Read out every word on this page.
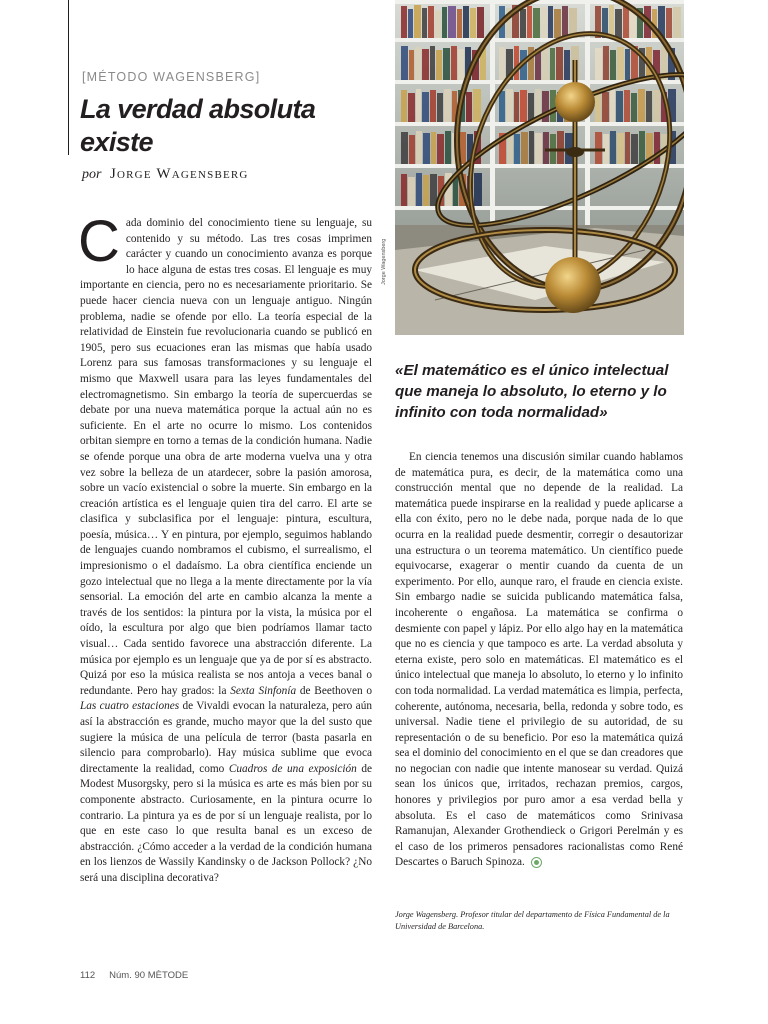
[MÉTODO WAGENSBERG]
La verdad absoluta existe
por Jorge Wagensberg

Cada dominio del conocimiento tiene su lenguaje, su contenido y su método. Las tres cosas imprimen carácter y cuando un conocimiento avanza es porque lo hace alguna de estas tres cosas. El lenguaje es muy importante en ciencia, pero no es necesariamente prioritario. Se puede hacer ciencia nueva con un lenguaje antiguo. Ningún problema, nadie se ofende por ello. La teoría especial de la relatividad de Einstein fue revolucionaria cuando se publicó en 1905, pero sus ecuaciones eran las mismas que había usado Lorenz para sus famosas transformaciones y su lenguaje el mismo que Maxwell usara para las leyes fundamentales del electromagnetismo. Sin embargo la teoría de supercuerdas se debate por una nueva matemática porque la actual aún no es suficiente. En el arte no ocurre lo mismo. Los contenidos orbitan siempre en torno a temas de la condición humana. Nadie se ofende porque una obra de arte moderna vuelva una y otra vez sobre la belleza de un atardecer, sobre la pasión amorosa, sobre un vacío existencial o sobre la muerte. Sin embargo en la creación artística es el lenguaje quien tira del carro. El arte se clasifica y subclasifica por el lenguaje: pintura, escultura, poesía, música… Y en pintura, por ejemplo, seguimos hablando de lenguajes cuando nombramos el cubismo, el surrealismo, el impresionismo o el dadaísmo. La obra científica enciende un gozo intelectual que no llega a la mente directamente por la vía sensorial. La emoción del arte en cambio alcanza la mente a través de los sentidos: la pintura por la vista, la música por el oído, la escultura por algo que bien podríamos llamar tacto visual… Cada sentido favorece una abstracción diferente. La música por ejemplo es un lenguaje que ya de por sí es abstracto. Quizá por eso la música realista se nos antoja a veces banal o redundante. Pero hay grados: la Sexta Sinfonía de Beethoven o Las cuatro estaciones de Vivaldi evocan la naturaleza, pero aún así la abstracción es grande, mucho mayor que la del susto que sugiere la música de una película de terror (basta pasarla en silencio para comprobarlo). Hay música sublime que evoca directamente la realidad, como Cuadros de una exposición de Modest Musorgsky, pero si la música es arte es más bien por su componente abstracto. Curiosamente, en la pintura ocurre lo contrario. La pintura ya es de por sí un lenguaje realista, por lo que en este caso lo que resulta banal es un exceso de abstracción. ¿Cómo acceder a la verdad de la condición humana en los lienzos de Wassily Kandinsky o de Jackson Pollock? ¿No será una disciplina decorativa?

Jorge Wagensberg

«El matemático es el único intelectual que maneja lo absoluto, lo eterno y lo infinito con toda normalidad»

En ciencia tenemos una discusión similar cuando hablamos de matemática pura, es decir, de la matemática como una construcción mental que no depende de la realidad. La matemática puede inspirarse en la realidad y puede aplicarse a ella con éxito, pero no le debe nada, porque nada de lo que ocurra en la realidad puede desmentir, corregir o desautorizar una estructura o un teorema matemático. Un científico puede equivocarse, exagerar o mentir cuando da cuenta de un experimento. Por ello, aunque raro, el fraude en ciencia existe. Sin embargo nadie se suicida publicando matemática falsa, incoherente o engañosa. La matemática se confirma o desmiente con papel y lápiz. Por ello algo hay en la matemática que no es ciencia y que tampoco es arte. La verdad absoluta y eterna existe, pero solo en matemáticas. El matemático es el único intelectual que maneja lo absoluto, lo eterno y lo infinito con toda normalidad. La verdad matemática es limpia, perfecta, coherente, autónoma, necesaria, bella, redonda y sobre todo, es universal. Nadie tiene el privilegio de su autoridad, de su representación o de su beneficio. Por eso la matemática quizá sea el dominio del conocimiento en el que se dan creadores que no negocian con nadie que intente manosear su verdad. Quizá sean los únicos que, irritados, rechazan premios, cargos, honores y privilegios por puro amor a esa verdad bella y absoluta. Es el caso de matemáticos como Srinivasa Ramanujan, Alexander Grothendieck o Grigori Perelmán y es el caso de los primeros pensadores racionalistas como René Descartes o Baruch Spinoza.

Jorge Wagensberg. Profesor titular del departamento de Física Fundamental de la Universidad de Barcelona.

112 Núm. 90 MÈTODE
